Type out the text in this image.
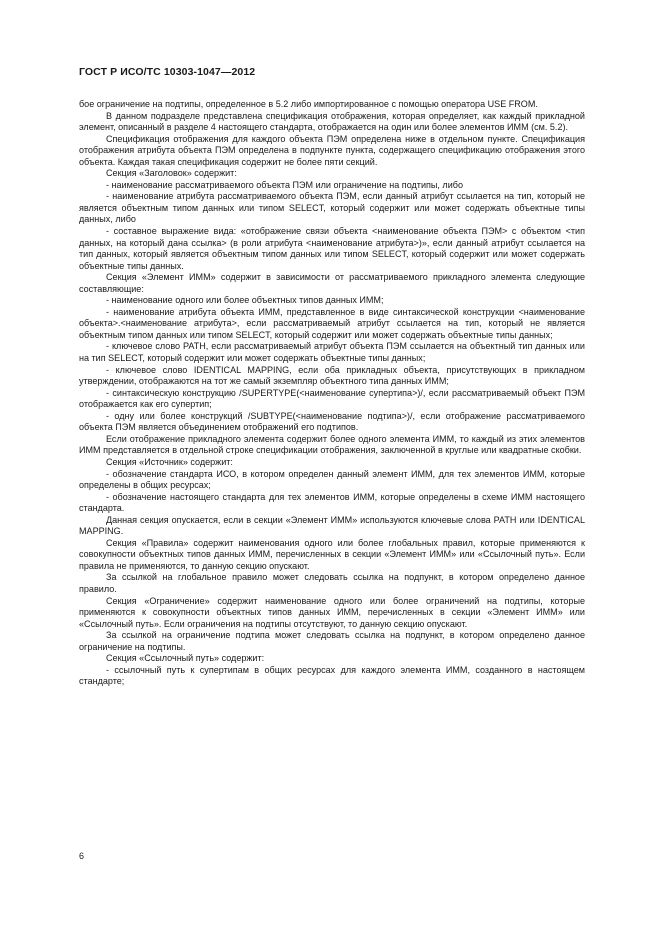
ГОСТ Р ИСО/ТС 10303-1047—2012

бое ограничение на подтипы, определенное в 5.2 либо импортированное с помощью оператора USE FROM.

В данном подразделе представлена спецификация отображения, которая определяет, как каждый прикладной элемент, описанный в разделе 4 настоящего стандарта, отображается на один или более элементов ИММ (см. 5.2).

Спецификация отображения для каждого объекта ПЭМ определена ниже в отдельном пункте. Спецификация отображения атрибута объекта ПЭМ определена в подпункте пункта, содержащего спецификацию отображения этого объекта. Каждая такая спецификация содержит не более пяти секций.

Секция «Заголовок» содержит:

- наименование рассматриваемого объекта ПЭМ или ограничение на подтипы, либо

- наименование атрибута рассматриваемого объекта ПЭМ, если данный атрибут ссылается на тип, который не является объектным типом данных или типом SELECT, который содержит или может содержать объектные типы данных, либо

- составное выражение вида: «отображение связи объекта <наименование объекта ПЭМ> с объектом <тип данных, на который дана ссылка> (в роли атрибута <наименование атрибута>)», если данный атрибут ссылается на тип данных, который является объектным типом данных или типом SELECT, который содержит или может содержать объектные типы данных.

Секция «Элемент ИММ» содержит в зависимости от рассматриваемого прикладного элемента следующие составляющие:

- наименование одного или более объектных типов данных ИММ;

- наименование атрибута объекта ИММ, представленное в виде синтаксической конструкции <наименование объекта>.<наименование атрибута>, если рассматриваемый атрибут ссылается на тип, который не является объектным типом данных или типом SELECT, который содержит или может содержать объектные типы данных;

- ключевое слово PATH, если рассматриваемый атрибут объекта ПЭМ ссылается на объектный тип данных или на тип SELECT, который содержит или может содержать объектные типы данных;

- ключевое слово IDENTICAL MAPPING, если оба прикладных объекта, присутствующих в прикладном утверждении, отображаются на тот же самый экземпляр объектного типа данных ИММ;

- синтаксическую конструкцию /SUPERTYPE(<наименование супертипа>)/, если рассматриваемый объект ПЭМ отображается как его супертип;

- одну или более конструкций /SUBTYPE(<наименование подтипа>)/, если отображение рассматриваемого объекта ПЭМ является объединением отображений его подтипов.

Если отображение прикладного элемента содержит более одного элемента ИММ, то каждый из этих элементов ИММ представляется в отдельной строке спецификации отображения, заключенной в круглые или квадратные скобки.

Секция «Источник» содержит:

- обозначение стандарта ИСО, в котором определен данный элемент ИММ, для тех элементов ИММ, которые определены в общих ресурсах;

- обозначение настоящего стандарта для тех элементов ИММ, которые определены в схеме ИММ настоящего стандарта.

Данная секция опускается, если в секции «Элемент ИММ» используются ключевые слова PATH или IDENTICAL MAPPING.

Секция «Правила» содержит наименования одного или более глобальных правил, которые применяются к совокупности объектных типов данных ИММ, перечисленных в секции «Элемент ИММ» или «Ссылочный путь». Если правила не применяются, то данную секцию опускают.

За ссылкой на глобальное правило может следовать ссылка на подпункт, в котором определено данное правило.

Секция «Ограничение» содержит наименование одного или более ограничений на подтипы, которые применяются к совокупности объектных типов данных ИММ, перечисленных в секции «Элемент ИММ» или «Ссылочный путь». Если ограничения на подтипы отсутствуют, то данную секцию опускают.

За ссылкой на ограничение подтипа может следовать ссылка на подпункт, в котором определено данное ограничение на подтипы.

Секция «Ссылочный путь» содержит:

- ссылочный путь к супертипам в общих ресурсах для каждого элемента ИММ, созданного в настоящем стандарте;

6
